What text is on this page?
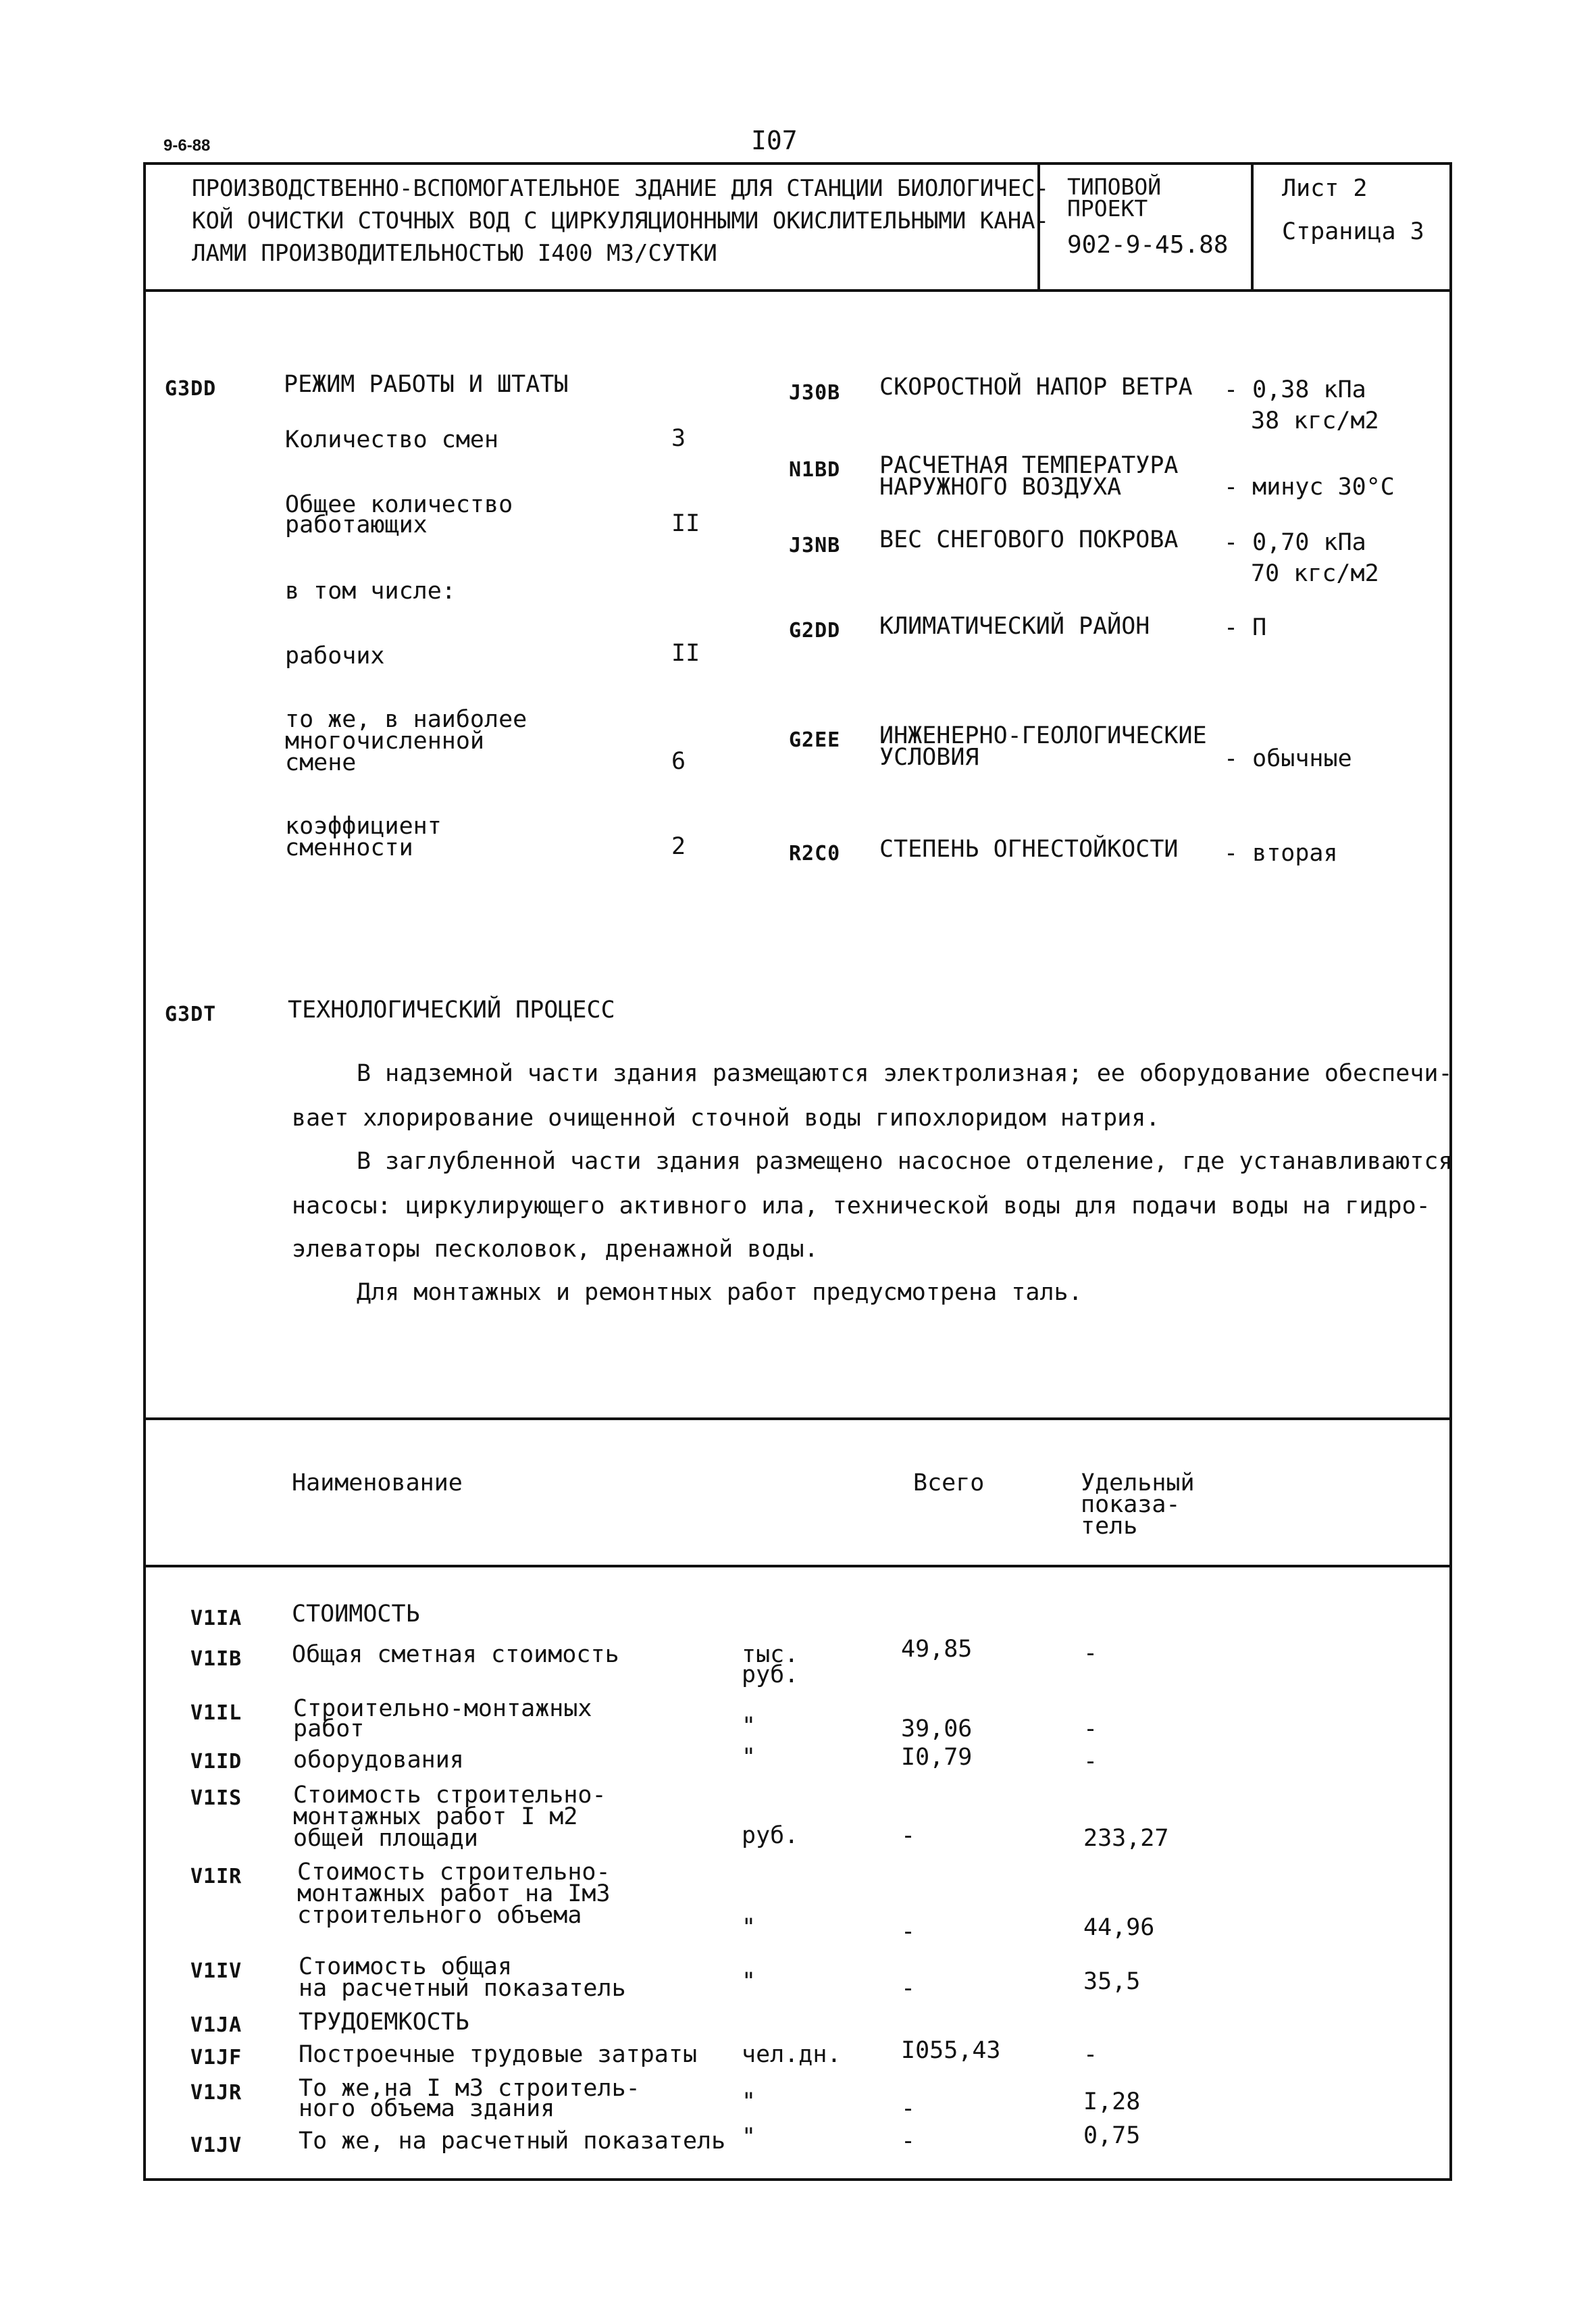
9-6-88	I07
ПРОИЗВОДСТВЕННО-ВСПОМОГАТЕЛЬНОЕ ЗДАНИЕ ДЛЯ СТАНЦИИ БИОЛОГИЧЕС-
КОЙ ОЧИСТКИ СТОЧНЫХ ВОД С ЦИРКУЛЯЦИОННЫМИ ОКИСЛИТЕЛЬНЫМИ КАНА-
ЛАМИ ПРОИЗВОДИТЕЛЬНОСТЬЮ I400 МЗ/СУТКИ
ТИПОВОЙ
ПРОЕКТ
902-9-45.88
Лист 2
Страница 3
G3DD	РЕЖИМ РАБОТЫ И ШТАТЫ
Количество смен	3
Общее количество
работающих	II
в том числе:
рабочих	II
то же, в наиболее
многочисленной
смене	6
коэффициент
сменности	2
J30B СКОРОСТНОЙ НАПОР ВЕТРА - 0,38 кПа
38 кгс/м2
N1BD РАСЧЕТНАЯ ТЕМПЕРАТУРА
НАРУЖНОГО ВОЗДУХА	- минус 30°С
J3NB ВЕС СНЕГОВОГО ПОКРОВА - 0,70 кПа
70 кгс/м2
G2DD КЛИМАТИЧЕСКИЙ РАЙОН	- П
G2EE ИНЖЕНЕРНО-ГЕОЛОГИЧЕСКИЕ
УСЛОВИЯ	- обычные
R2C0 СТЕПЕНЬ ОГНЕСТОЙКОСТИ - вторая
G3DT	ТЕХНОЛОГИЧЕСКИЙ ПРОЦЕСС
В надземной части здания размещаются электролизная; ее оборудование обеспечи-
вает хлорирование очищенной сточной воды гипохлоридом натрия.
В заглубленной части здания размещено насосное отделение, где устанавливаются
насосы: циркулирующего активного ила, технической воды для подачи воды на гидро-
элеваторы песколовок, дренажной воды.
Для монтажных и ремонтных работ предусмотрена таль.
Наименование	Всего	Удельный
показа-
тель
V1IA СТОИМОСТЬ
V1IB Общая сметная стоимость	тыс.
руб.
49,85	-
V1IL Строительно-монтажных
работ	"	39,06	-
V1ID оборудования	"	I0,79	-
V1IS Стоимость строительно-
монтажных работ I м2
общей площади	руб.	-	233,27
V1IR Стоимость строительно-
монтажных работ на IмЗ
строительного объема	"	-	44,96
V1IV Стоимость общая
на расчетный показатель	"	-	35,5
V1JA ТРУДОЕМКОСТЬ
V1JF Построечные трудовые затраты чел.дн.	I055,43	-
V1JR То же,на I м3 строитель-
ного объема здания	"	-	I,28
V1JV То же, на расчетный показатель "	-	0,75
